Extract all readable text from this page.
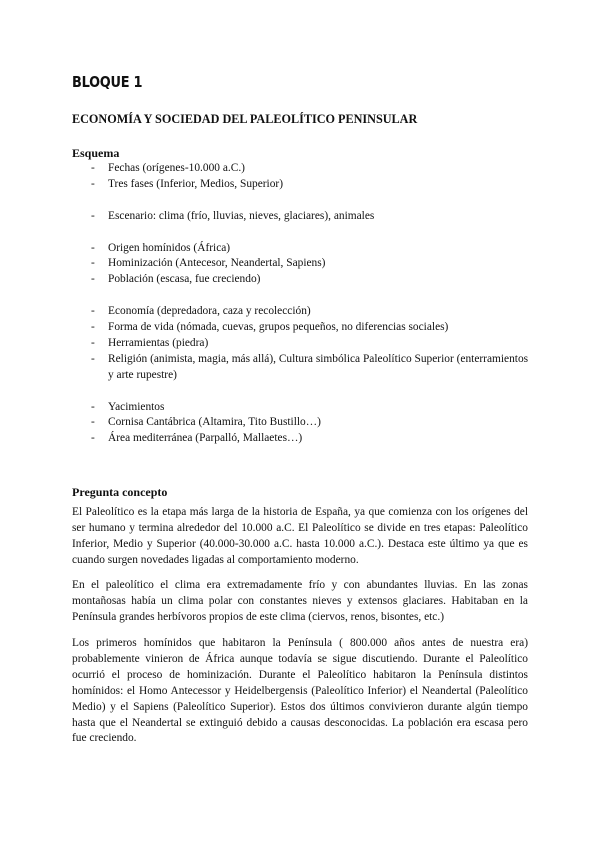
BLOQUE 1
ECONOMÍA Y SOCIEDAD DEL PALEOLÍTICO PENINSULAR
Esquema
- Fechas (orígenes-10.000 a.C.)
- Tres fases (Inferior, Medios, Superior)
- Escenario: clima (frío, lluvias, nieves, glaciares), animales
- Origen homínidos (África)
- Hominización (Antecesor, Neandertal, Sapiens)
- Población (escasa, fue creciendo)
- Economía (depredadora, caza y recolección)
- Forma de vida (nómada, cuevas, grupos pequeños, no diferencias sociales)
- Herramientas (piedra)
- Religión (animista, magia, más allá), Cultura simbólica Paleolítico Superior (enterramientos y arte rupestre)
- Yacimientos
- Cornisa Cantábrica (Altamira, Tito Bustillo…)
- Área mediterránea (Parpalló, Mallaetes…)
Pregunta concepto

El Paleolítico es la etapa más larga de la historia de España, ya que comienza con los orígenes del ser humano y termina alrededor del 10.000 a.C. El Paleolítico se divide en tres etapas: Paleolítico Inferior, Medio y Superior (40.000-30.000 a.C. hasta 10.000 a.C.). Destaca este último ya que es cuando surgen novedades ligadas al comportamiento moderno.

En el paleolítico el clima era extremadamente frío y con abundantes lluvias. En las zonas montañosas había un clima polar con constantes nieves y extensos glaciares. Habitaban en la Península grandes herbívoros propios de este clima (ciervos, renos, bisontes, etc.)

Los primeros homínidos que habitaron la Península ( 800.000 años antes de nuestra era) probablemente vinieron de África aunque todavía se sigue discutiendo. Durante el Paleolítico ocurrió el proceso de hominización. Durante el Paleolítico habitaron la Península distintos homínidos: el Homo Antecessor y Heidelbergensis (Paleolítico Inferior) el Neandertal (Paleolítico Medio) y el Sapiens (Paleolítico Superior). Estos dos últimos convivieron durante algún tiempo hasta que el Neandertal se extinguió debido a causas desconocidas. La población era escasa pero fue creciendo.
